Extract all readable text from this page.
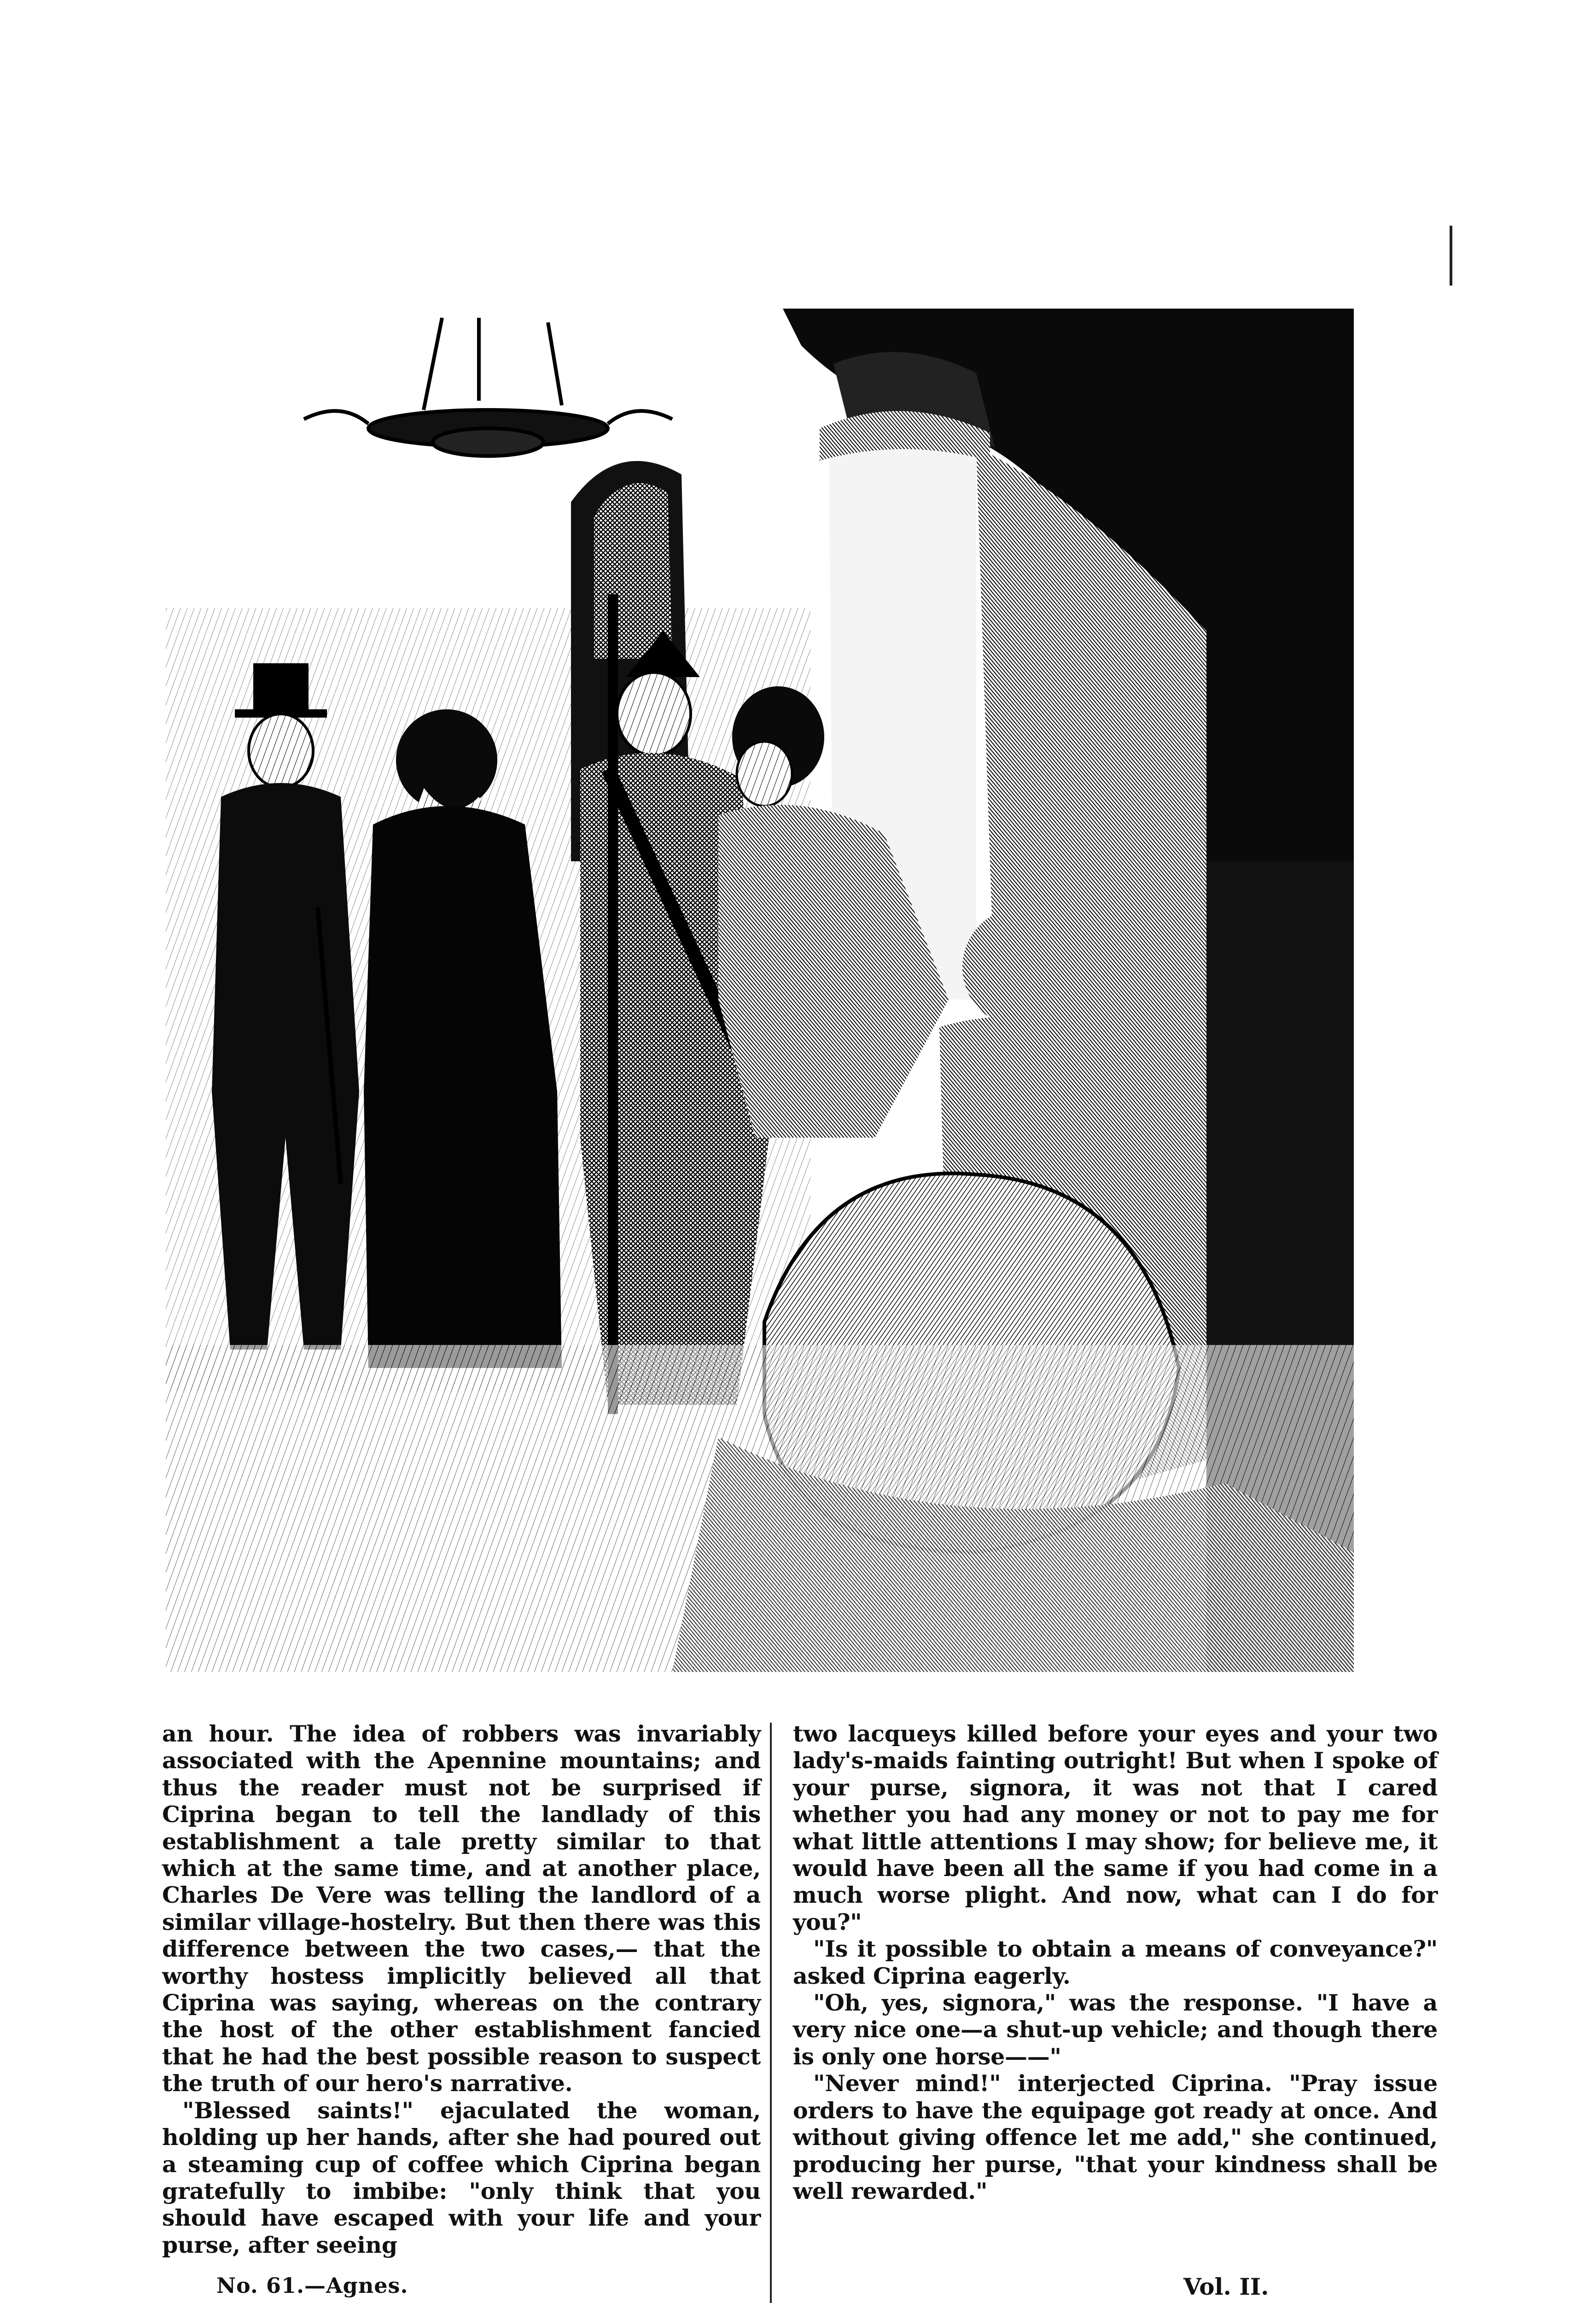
an hour. The idea of robbers was invariably associated with the Apennine mountains; and thus the reader must not be surprised if Ciprina began to tell the landlady of this establishment a tale pretty similar to that which at the same time, and at another place, Charles De Vere was telling the landlord of a similar village-hostelry. But then there was this difference between the two cases,— that the worthy hostess implicitly believed all that Ciprina was saying, whereas on the contrary the host of the other establishment fancied that he had the best possible reason to suspect the truth of our hero's narrative.

"Blessed saints!" ejaculated the woman, holding up her hands, after she had poured out a steaming cup of coffee which Ciprina began gratefully to imbibe: "only think that you should have escaped with your life and your purse, after seeing

two lacqueys killed before your eyes and your two lady's-maids fainting outright! But when I spoke of your purse, signora, it was not that I cared whether you had any money or not to pay me for what little attentions I may show; for believe me, it would have been all the same if you had come in a much worse plight. And now, what can I do for you?"

"Is it possible to obtain a means of conveyance?" asked Ciprina eagerly.

"Oh, yes, signora," was the response. "I have a very nice one—a shut-up vehicle; and though there is only one horse——"

"Never mind!" interjected Ciprina. "Pray issue orders to have the equipage got ready at once. And without giving offence let me add," she continued, producing her purse, "that your kindness shall be well rewarded."

No. 61.—Agnes.	Vol. II.
